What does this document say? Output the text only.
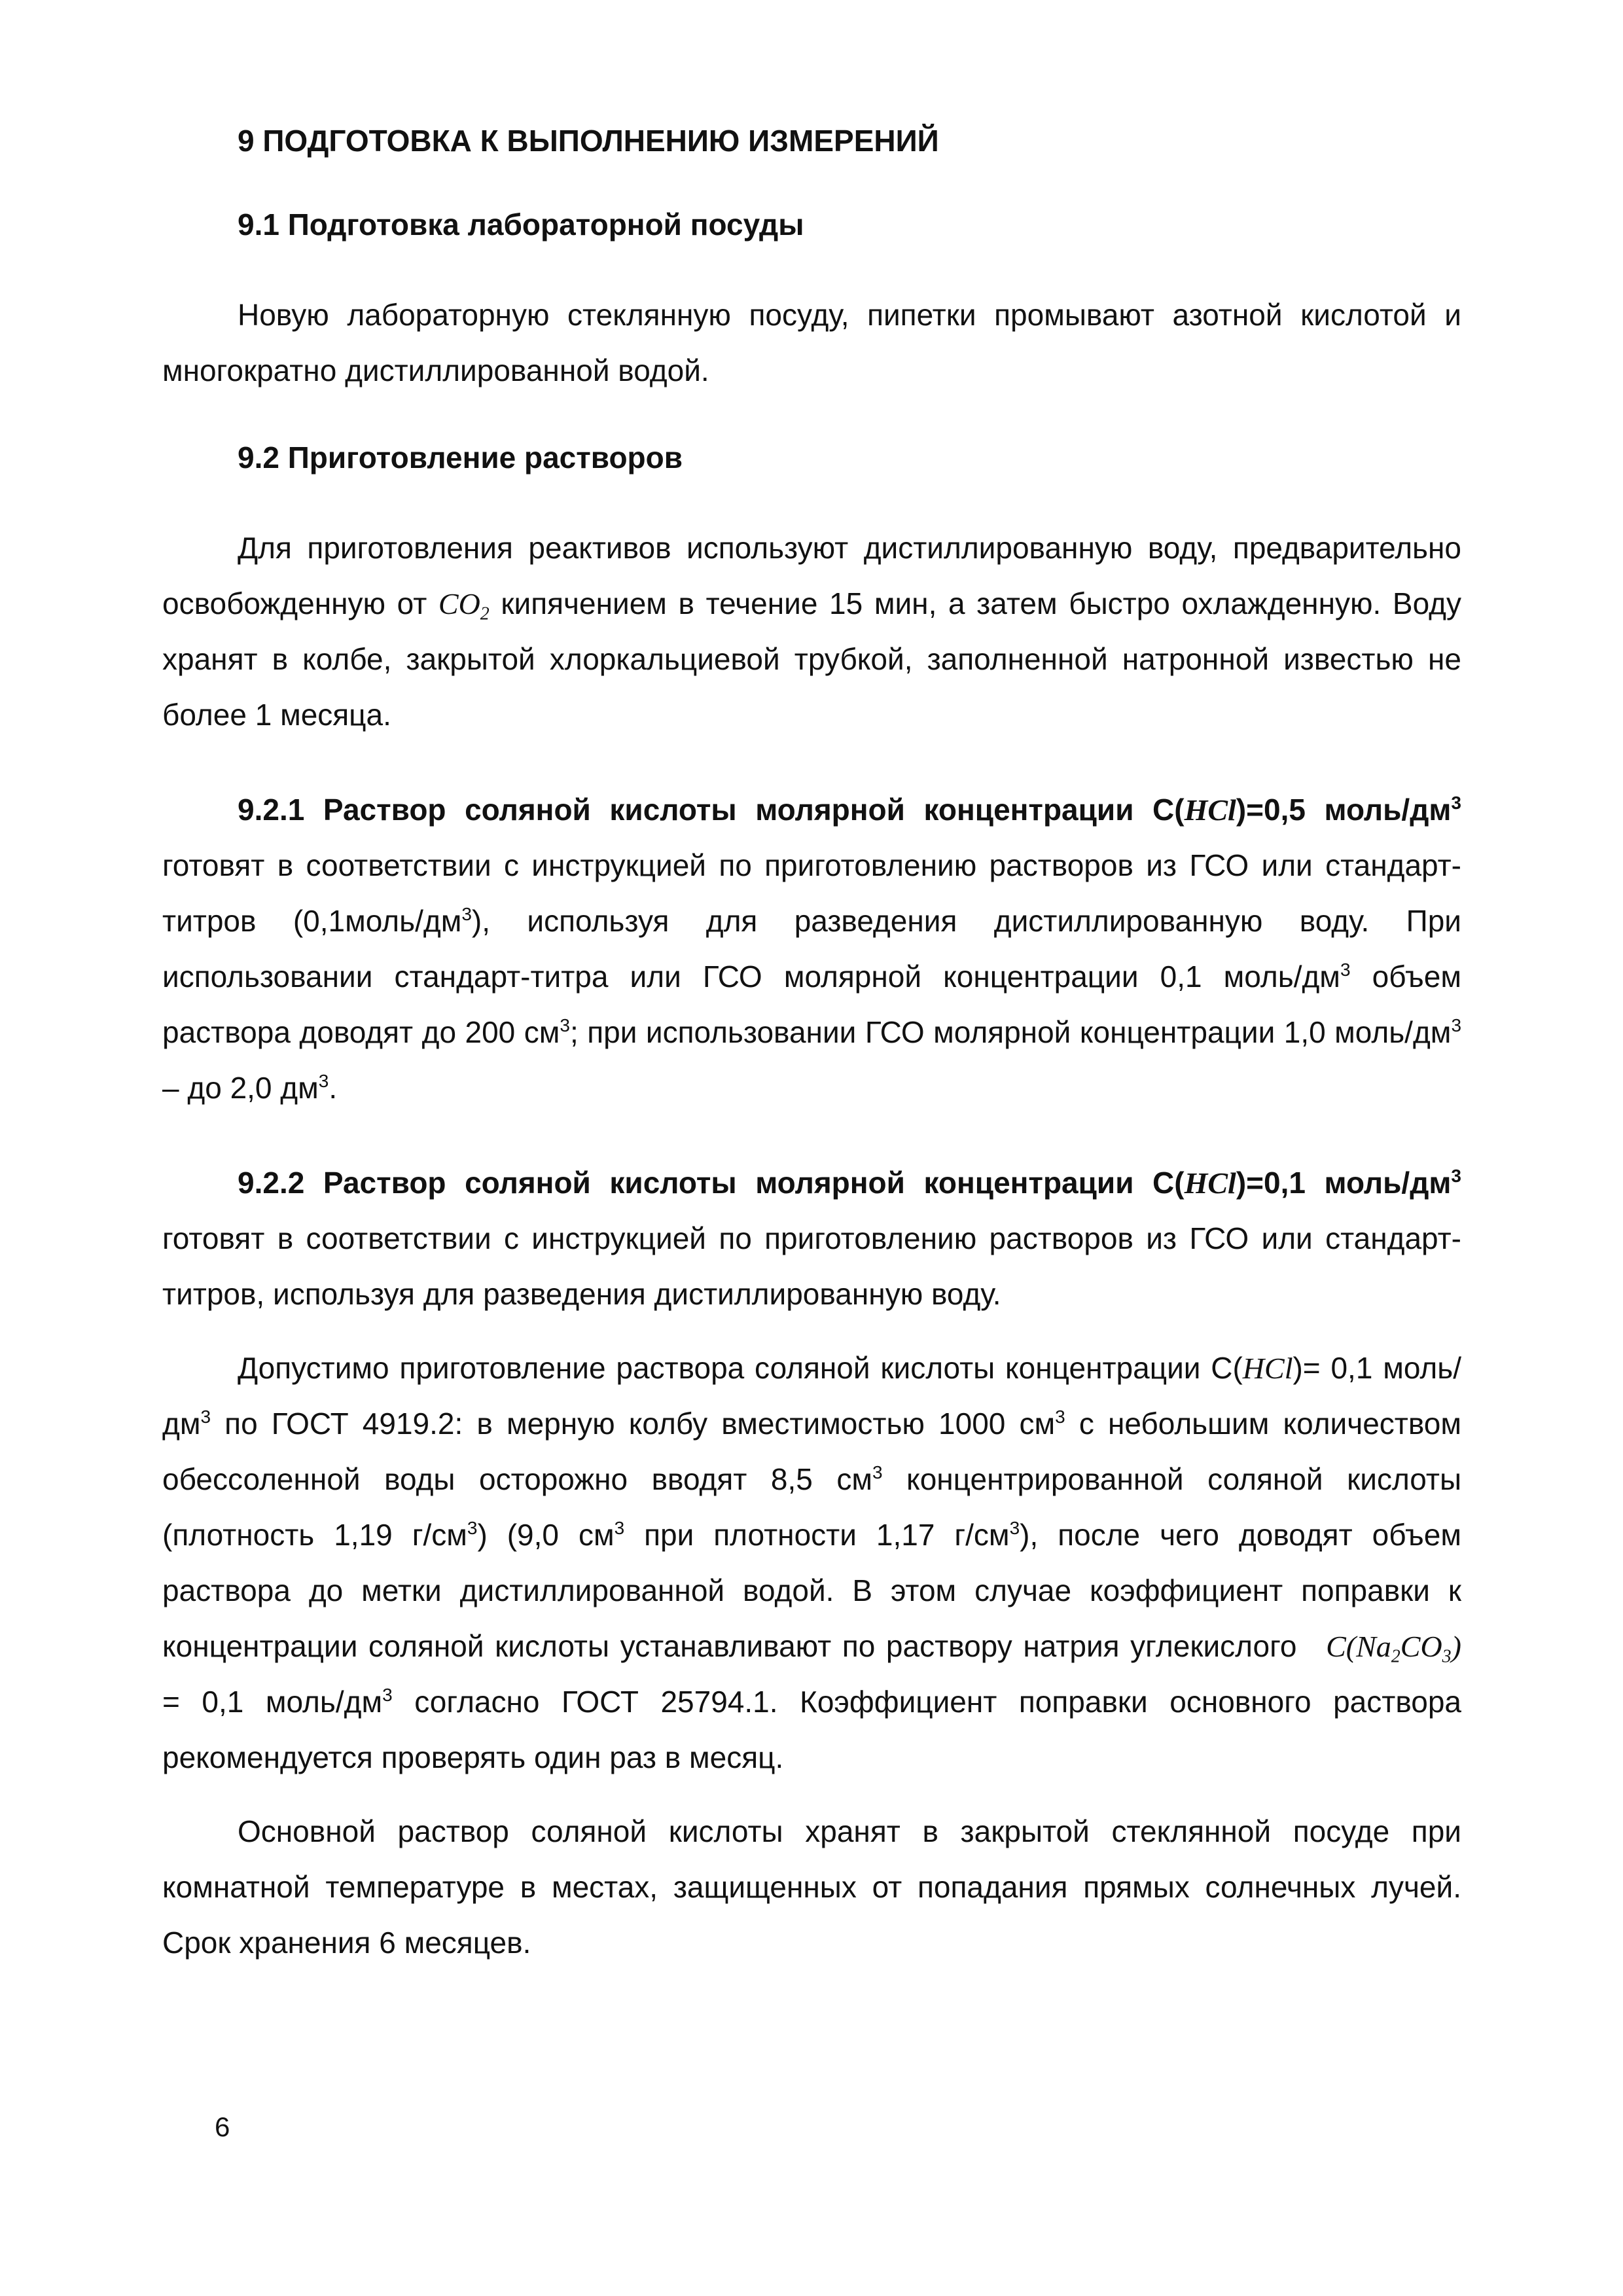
9 ПОДГОТОВКА К ВЫПОЛНЕНИЮ ИЗМЕРЕНИЙ
9.1 Подготовка лабораторной посуды

Новую лабораторную стеклянную посуду, пипетки промывают азотной кислотой и многократно дистиллированной водой.

9.2 Приготовление растворов

Для приготовления реактивов используют дистиллированную воду, предварительно освобожденную от $CO_2$ кипячением в течение 15 мин, а затем быстро охлажденную. Воду хранят в колбе, закрытой хлоркальциевой трубкой, заполненной натронной известью не более 1 месяца.

9.2.1 Раствор соляной кислоты молярной концентрации C(HCl)=0,5 моль/$дм^3$ готовят в соответствии с инструкцией по приготовлению растворов из ГСО или стандарт-титров $(0,1моль/дм^3)$, используя для разведения дистиллированную воду. При использовании стандарт-титра или ГСО молярной концентрации 0,1 моль/$дм^3$ объем раствора доводят до 200 $см^3$; при использовании ГСО молярной концентрации 1,0 моль/$дм^3$ – до 2,0 $дм^3$.

9.2.2 Раствор соляной кислоты молярной концентрации C(HCl)=0,1 моль/$дм^3$ готовят в соответствии с инструкцией по приготовлению растворов из ГСО или стандарт-титров, используя для разведения дистиллированную воду.

Допустимо приготовление раствора соляной кислоты концентрации C(HCl)= 0,1 моль/$дм^3$ по ГОСТ 4919.2: в мерную колбу вместимостью 1000 $см^3$ с небольшим количеством обессоленной воды осторожно вводят 8,5 $см^3$ концентрированной соляной кислоты (плотность 1,19 $г/см^3$) (9,0 $см^3$ при плотности 1,17 $г/см^3$), после чего доводят объем раствора до метки дистиллированной водой. В этом случае коэффициент поправки к концентрации соляной кислоты устанавливают по раствору натрия углекислого $C(Na_2CO_3) = 0,1$ моль/$дм^3$ согласно ГОСТ 25794.1. Коэффициент поправки основного раствора рекомендуется проверять один раз в месяц.

Основной раствор соляной кислоты хранят в закрытой стеклянной посуде при комнатной температуре в местах, защищенных от попадания прямых солнечных лучей. Срок хранения 6 месяцев.

6
